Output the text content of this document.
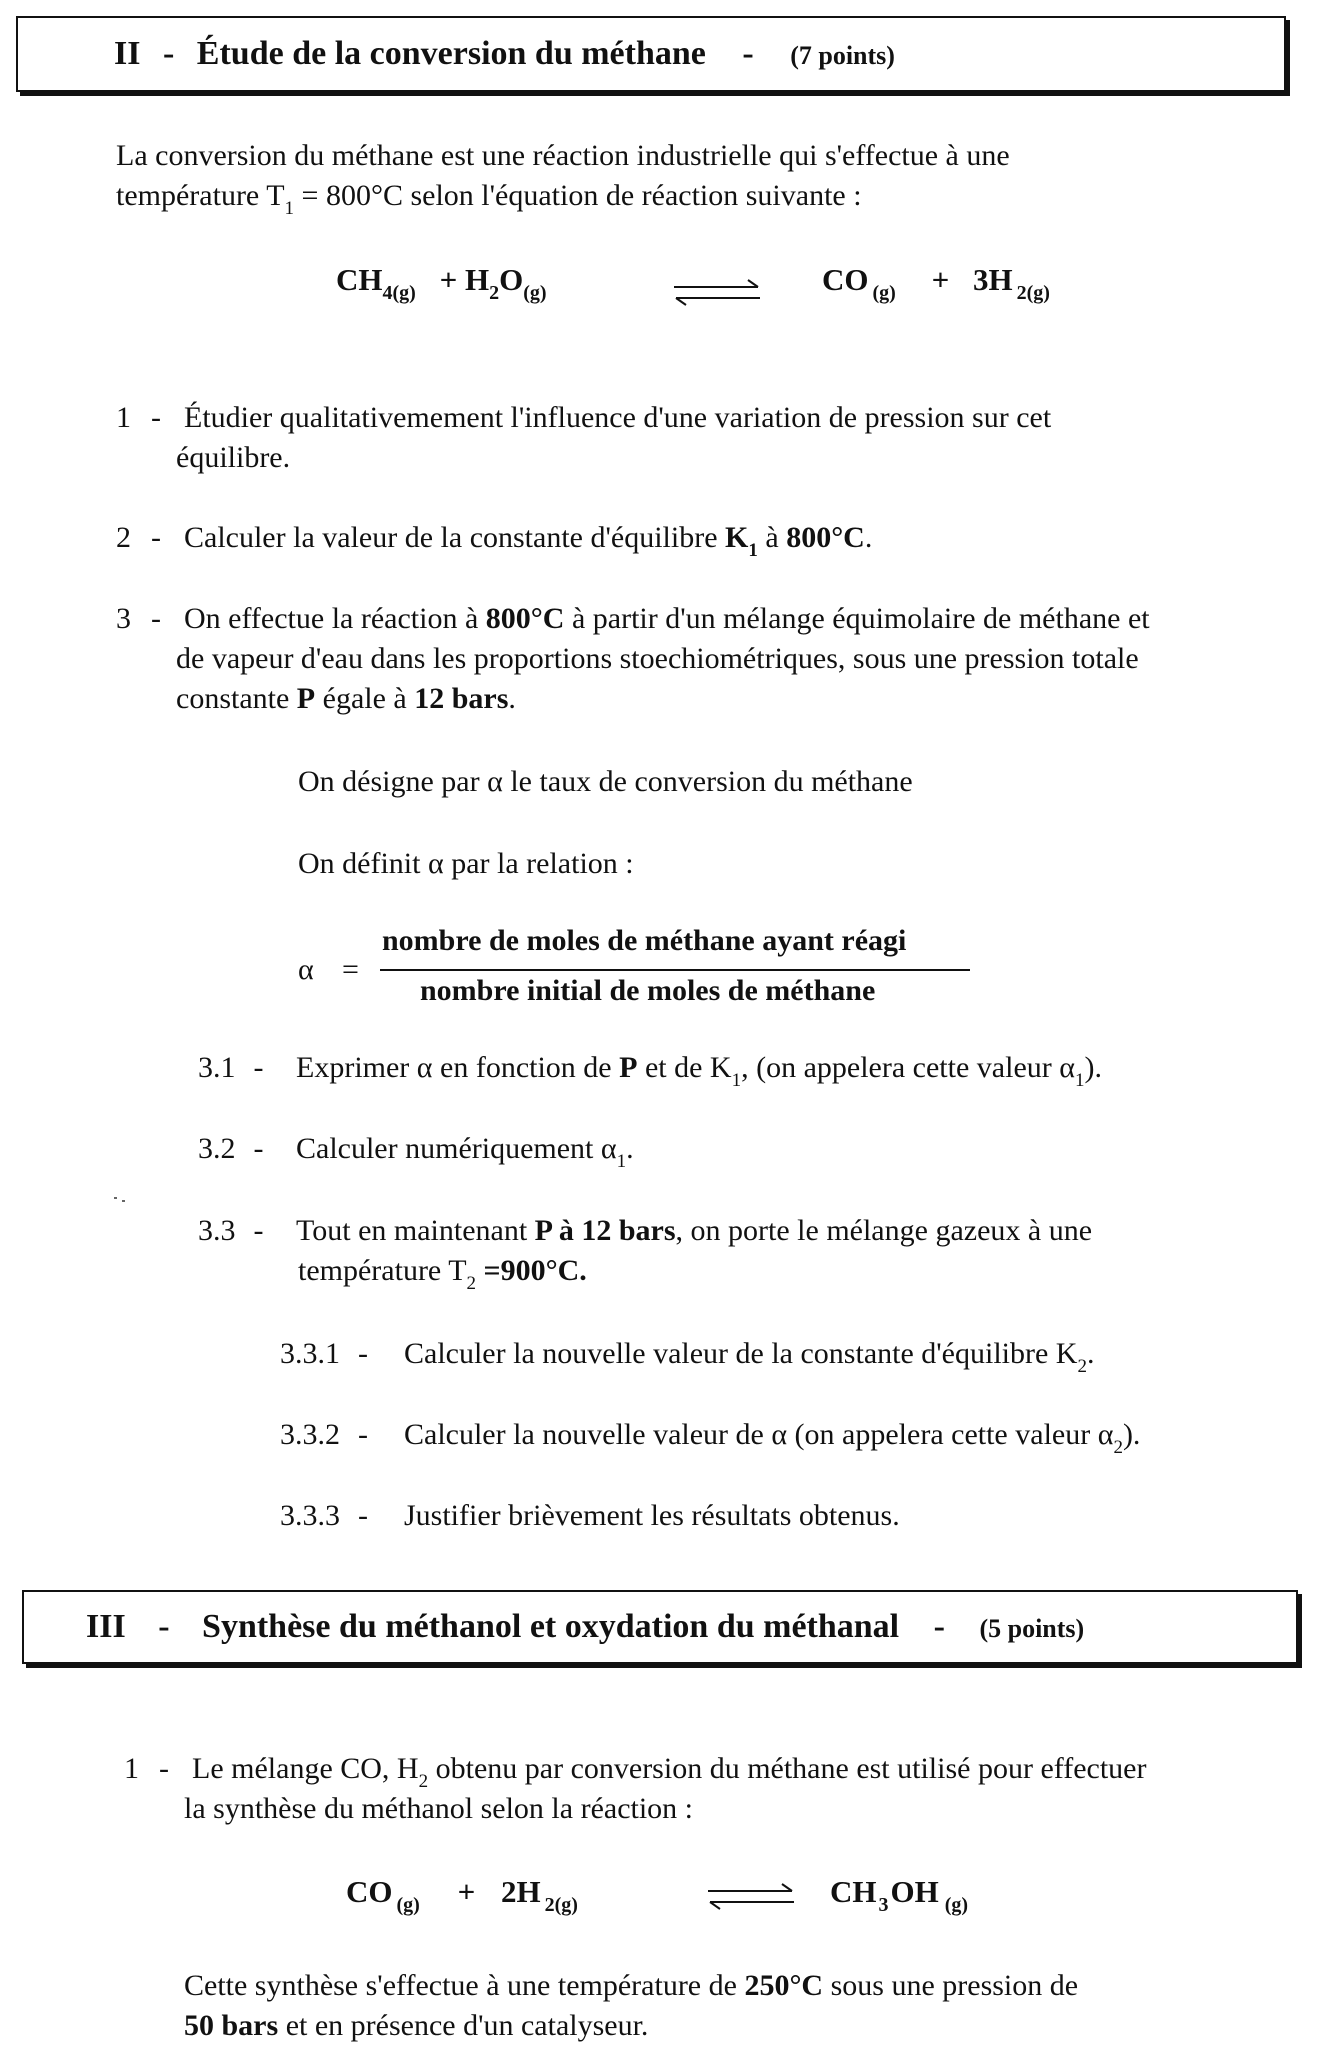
II - Étude de la conversion du méthane - (7 points)
La conversion du méthane est une réaction industrielle qui s'effectue à une
température $T_1 = 800^\circ C$ selon l'équation de réaction suivante :
$CH_{4(g)} + H_2O_{(g)}$	CO $_{(g)}$ + 3H $_{2(g)}$
1 - Étudier qualitativemement l'influence d'une variation de pression sur cet
équilibre.
2 - Calculer la valeur de la constante d'équilibre $K_1$ à 800°C.
3 - On effectue la réaction à 800°C à partir d'un mélange équimolaire de méthane et
de vapeur d'eau dans les proportions stoechiométriques, sous une pression totale
constante P égale à 12 bars.
On désigne par α le taux de conversion du méthane
On définit α par la relation :
α =
nombre de moles de méthane ayant réagi
nombre initial de moles de méthane
3.1 - Exprimer α en fonction de P et de $K_1$, (on appelera cette valeur $\alpha_1$).
3.2 - Calculer numériquement $\alpha_1$.
3.3 - Tout en maintenant P à 12 bars, on porte le mélange gazeux à une
température $T_2 =900^\circ C$.
3.3.1 - Calculer la nouvelle valeur de la constante d'équilibre $K_2$.
3.3.2 - Calculer la nouvelle valeur de α (on appelera cette valeur $\alpha_2$).
3.3.3 - Justifier brièvement les résultats obtenus.
III - Synthèse du méthanol et oxydation du méthanal - (5 points)
1 - Le mélange CO, $H_2$ obtenu par conversion du méthane est utilisé pour effectuer
la synthèse du méthanol selon la réaction :
CO $_{(g)}$ + 2H $_{2(g)}$	CH $_3$OH $_{(g)}$
Cette synthèse s'effectue à une température de 250°C sous une pression de
50 bars et en présence d'un catalyseur.
